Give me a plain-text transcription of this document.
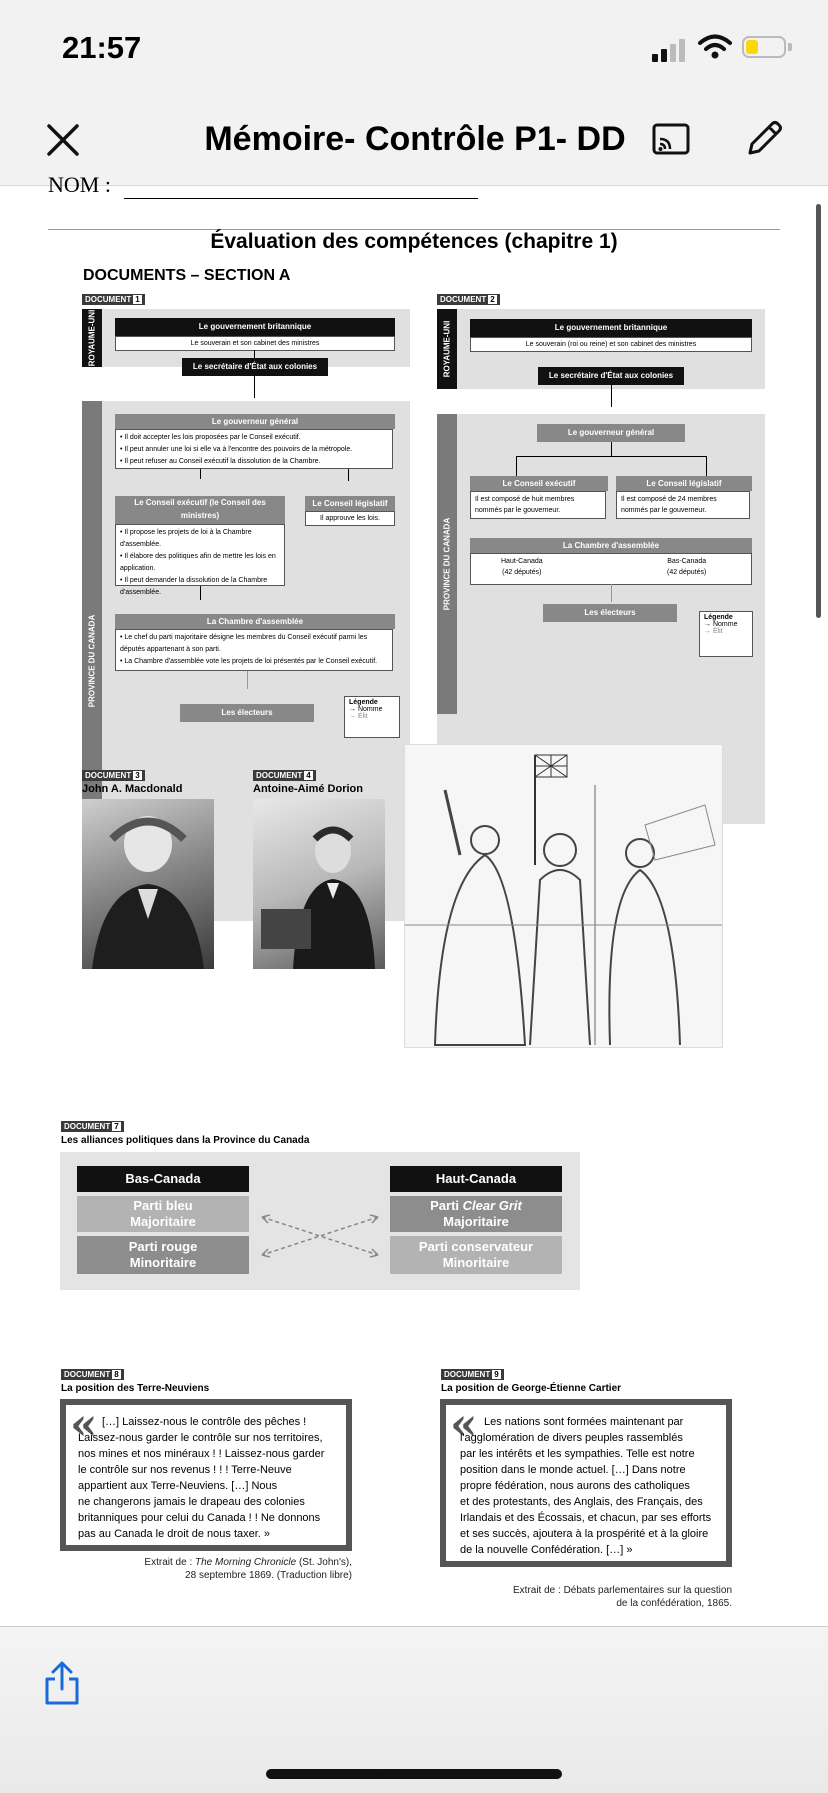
21:57
Mémoire- Contrôle P1- DD
NOM :
Évaluation des compétences (chapitre 1)
DOCUMENTS – SECTION A
DOCUMENT 1
ROYAUME-UNI	Le gouvernement britannique
Le souverain et son cabinet des ministres
Le secrétaire d'État aux colonies
PROVINCE DU CANADA
Le gouverneur général
• Il doit accepter les lois proposées par le Conseil exécutif.
• Il peut annuler une loi si elle va à l'encontre des pouvoirs de la métropole.
• Il peut refuser au Conseil exécutif la dissolution de la Chambre.
Le Conseil exécutif (le Conseil des ministres)
• Il propose les projets de loi à la Chambre d'assemblée.
• Il élabore des politiques afin de mettre les lois en application.
• Il peut demander la dissolution de la Chambre d'assemblée.
Le Conseil législatif
Il approuve les lois.
La Chambre d'assemblée
• Le chef du parti majoritaire désigne les membres du Conseil exécutif parmi les députés appartenant à son parti.
• La Chambre d'assemblée vote les projets de loi présentés par le Conseil exécutif.
Les électeurs
Légende
→ Nomme
→ Élit
DOCUMENT 2
ROYAUME-UNI	Le gouvernement britannique
Le souverain (roi ou reine) et son cabinet des ministres
Le secrétaire d'État aux colonies
PROVINCE DU CANADA
Le gouverneur général
Le Conseil exécutif
Il est composé de huit membres nommés par le gouverneur.
Le Conseil législatif
Il est composé de 24 membres nommés par le gouverneur.
La Chambre d'assemblée
Haut-Canada
(42 députés)
Bas-Canada
(42 députés)
Les électeurs
Légende
→ Nomme
→ Élit
DOCUMENT 3
John A. Macdonald
DOCUMENT 4
Antoine-Aimé Dorion
DOCUMENT 7
Les alliances politiques dans la Province du Canada
Bas-Canada
Parti bleu
Majoritaire
Parti rouge
Minoritaire
Haut-Canada
Parti Clear Grit
Majoritaire
Parti conservateur
Minoritaire
DOCUMENT 8
La position des Terre-Neuviens
« […] Laissez-nous le contrôle des pêches !
Laissez-nous garder le contrôle sur nos territoires,
nos mines et nos minéraux ! ! Laissez-nous garder
le contrôle sur nos revenus ! ! ! Terre-Neuve
appartient aux Terre-Neuviens. […] Nous
ne changerons jamais le drapeau des colonies
britanniques pour celui du Canada ! ! Ne donnons
pas au Canada le droit de nous taxer. »
Extrait de : The Morning Chronicle (St. John's),
28 septembre 1869. (Traduction libre)
DOCUMENT 9
La position de George-Étienne Cartier
« Les nations sont formées maintenant par
l'agglomération de divers peuples rassemblés
par les intérêts et les sympathies. Telle est notre
position dans le monde actuel. […] Dans notre
propre fédération, nous aurons des catholiques
et des protestants, des Anglais, des Français, des
Irlandais et des Écossais, et chacun, par ses efforts
et ses succès, ajoutera à la prospérité et à la gloire
de la nouvelle Confédération. […] »
Extrait de : Débats parlementaires sur la question
de la confédération, 1865.
